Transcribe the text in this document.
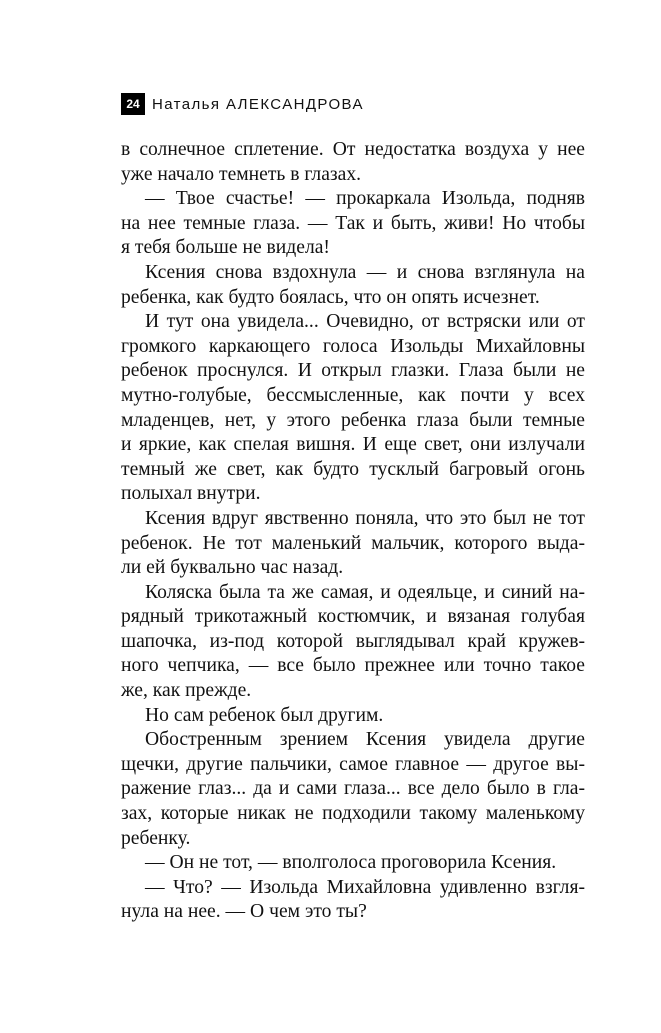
24 Наталья АЛЕКСАНДРОВА
в солнечное сплетение. От недостатка воздуха у нее
уже начало темнеть в глазах.
— Твое счастье! — прокаркала Изольда, подняв
на нее темные глаза. — Так и быть, живи! Но чтобы
я тебя больше не видела!
Ксения снова вздохнула — и снова взглянула на
ребенка, как будто боялась, что он опять исчезнет.
И тут она увидела... Очевидно, от встряски или от
громкого каркающего голоса Изольды Михайловны
ребенок проснулся. И открыл глазки. Глаза были не
мутно-голубые, бессмысленные, как почти у всех
младенцев, нет, у этого ребенка глаза были темные
и яркие, как спелая вишня. И еще свет, они излучали
темный же свет, как будто тусклый багровый огонь
полыхал внутри.
Ксения вдруг явственно поняла, что это был не тот
ребенок. Не тот маленький мальчик, которого выда-
ли ей буквально час назад.
Коляска была та же самая, и одеяльце, и синий на-
рядный трикотажный костюмчик, и вязаная голубая
шапочка, из-под которой выглядывал край кружев-
ного чепчика, — все было прежнее или точно такое
же, как прежде.
Но сам ребенок был другим.
Обостренным зрением Ксения увидела другие
щечки, другие пальчики, самое главное — другое вы-
ражение глаз... да и сами глаза... все дело было в гла-
зах, которые никак не подходили такому маленькому
ребенку.
— Он не тот, — вполголоса проговорила Ксения.
— Что? — Изольда Михайловна удивленно взгля-
нула на нее. — О чем это ты?
